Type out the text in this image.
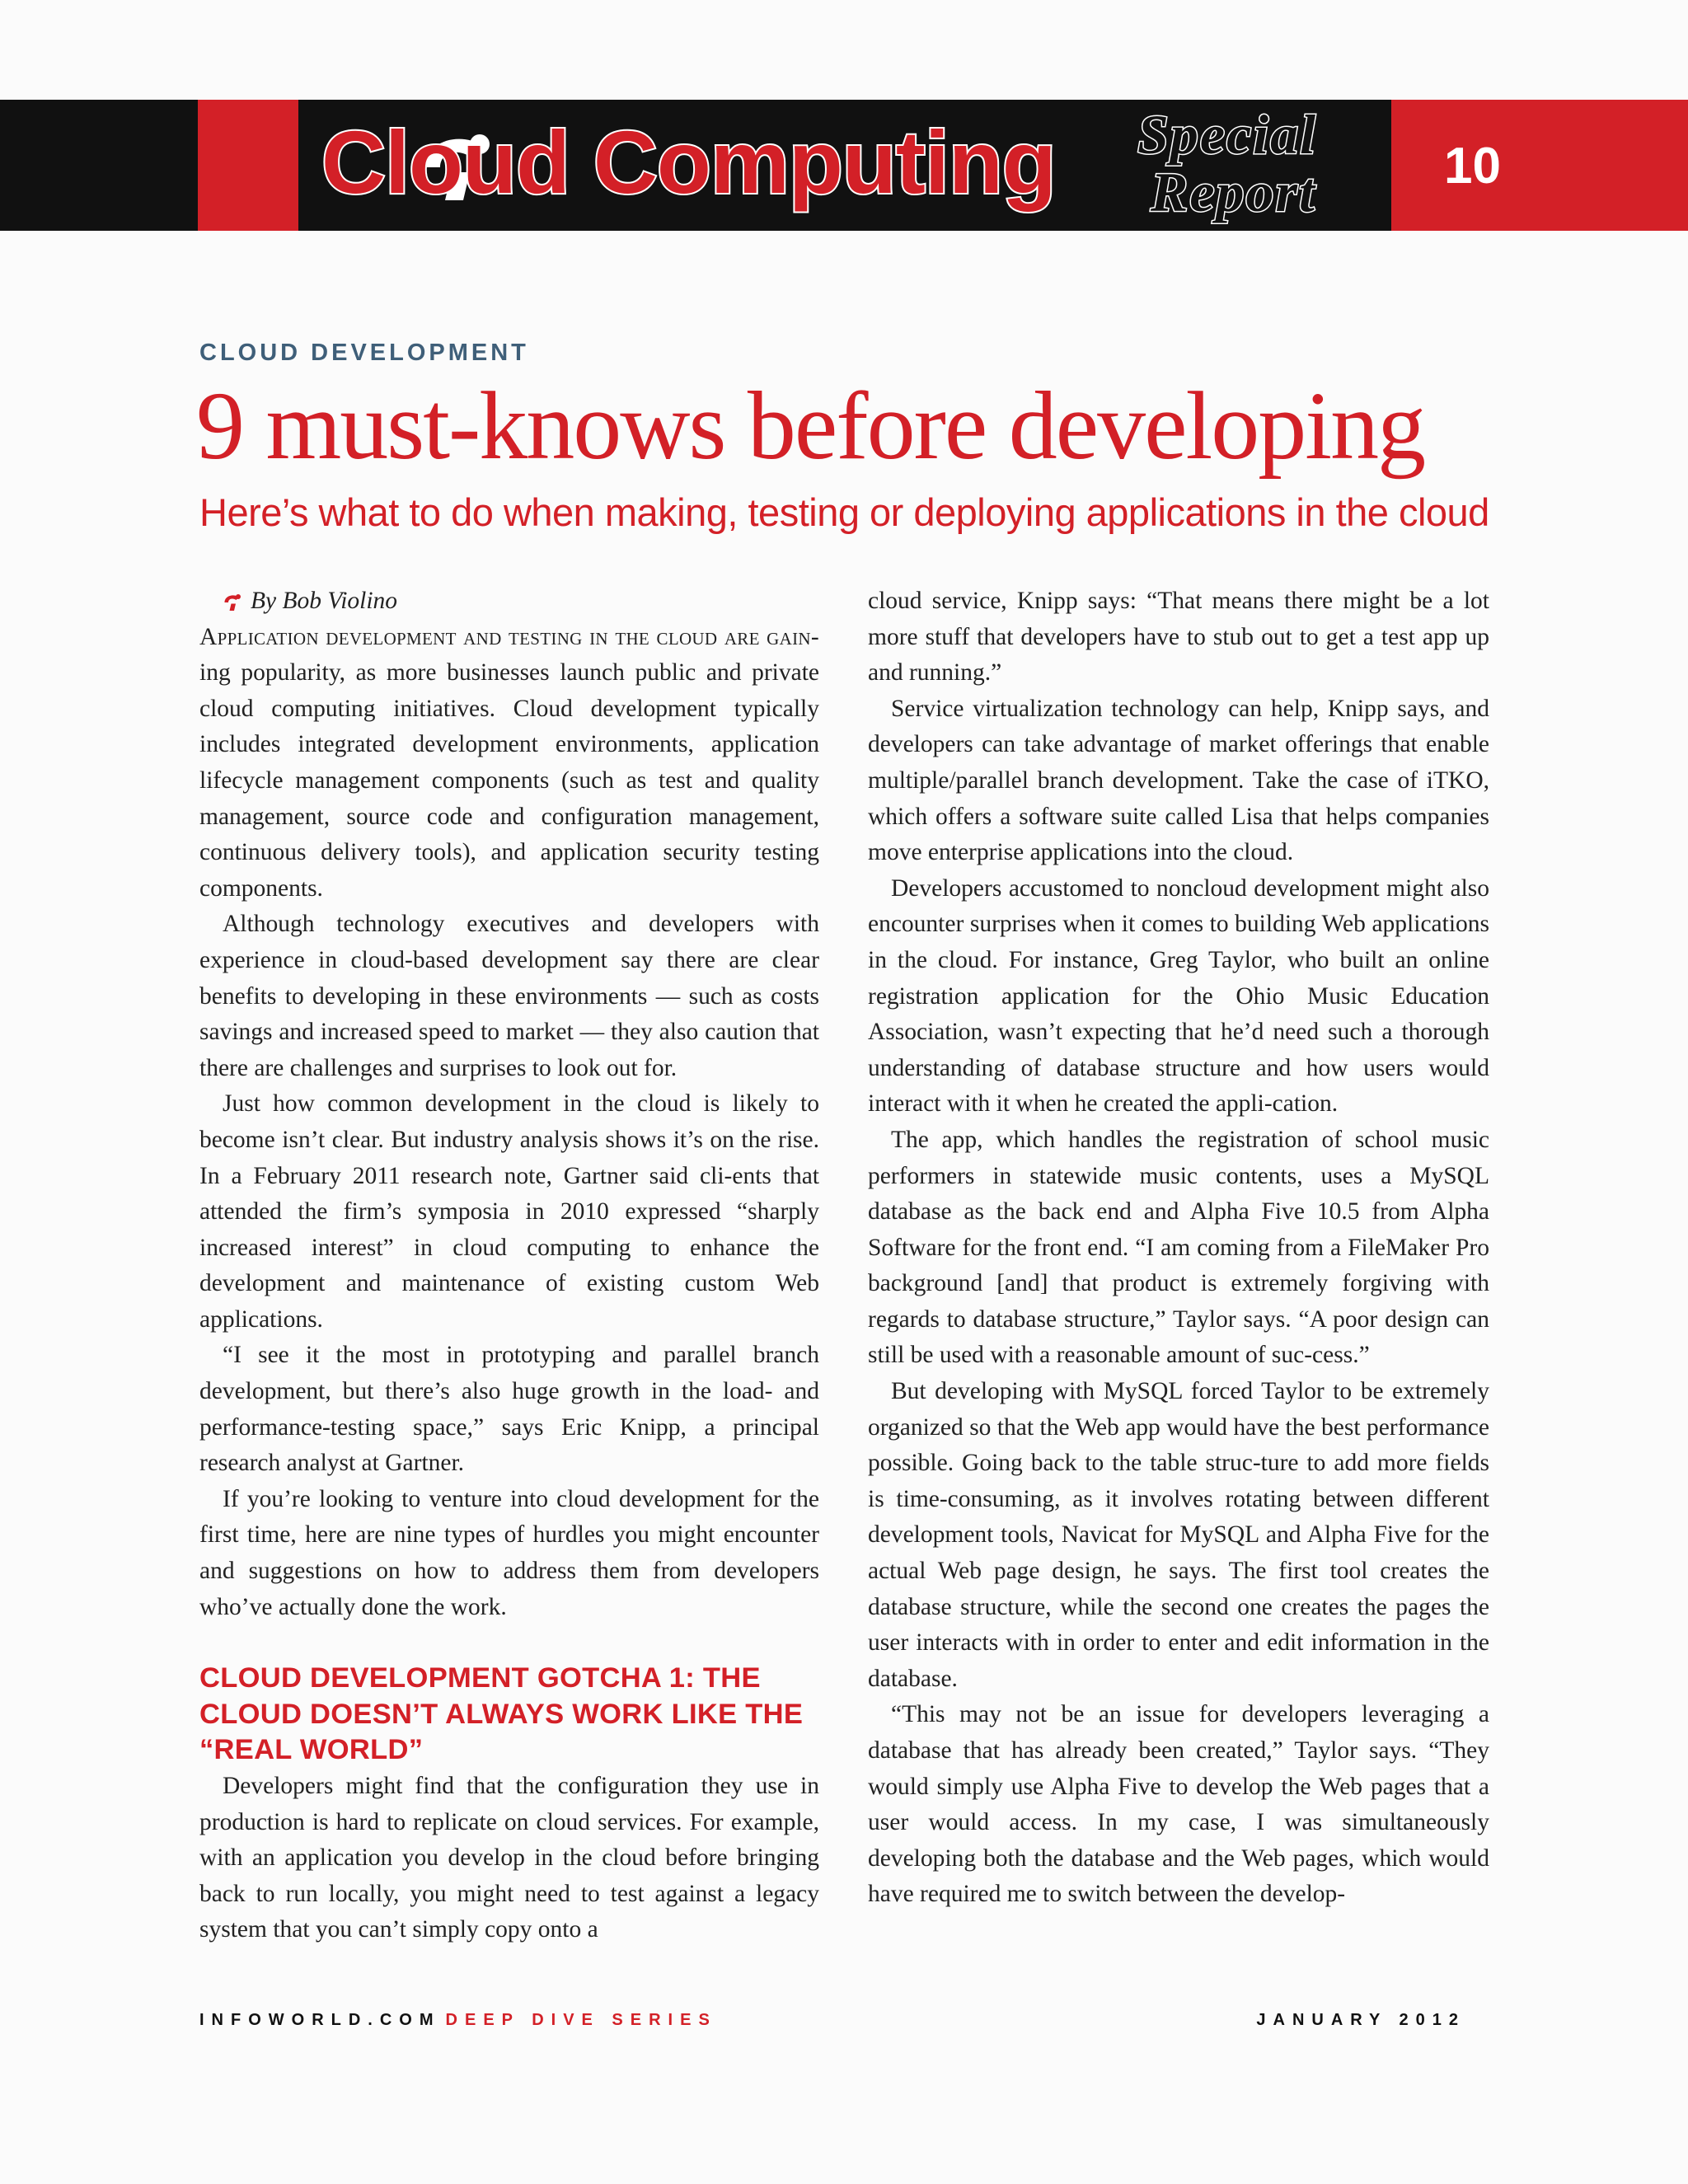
Cloud Computing Special
Report	10
CLOUD DEVELOPMENT
9 must-knows before developing
Here’s what to do when making, testing or deploying applications in the cloud
By Bob Violino

Application development and testing in the cloud are gain- ing popularity, as more businesses launch public and private cloud computing initiatives. Cloud development typically includes integrated development environments, application lifecycle management components (such as test and quality management, source code and configuration management, continuous delivery tools), and application security testing components.

Although technology executives and developers with experience in cloud-based development say there are clear benefits to developing in these environments — such as costs savings and increased speed to market — they also caution that there are challenges and surprises to look out for.

Just how common development in the cloud is likely to become isn’t clear. But industry analysis shows it’s on the rise. In a February 2011 research note, Gartner said cli-ents that attended the firm’s symposia in 2010 expressed “sharply increased interest” in cloud computing to enhance the development and maintenance of existing custom Web applications.

“I see it the most in prototyping and parallel branch development, but there’s also huge growth in the load- and performance-testing space,” says Eric Knipp, a principal research analyst at Gartner.

If you’re looking to venture into cloud development for the first time, here are nine types of hurdles you might encounter and suggestions on how to address them from developers who’ve actually done the work.

CLOUD DEVELOPMENT GOTCHA 1: THE CLOUD DOESN’T ALWAYS WORK LIKE THE “REAL WORLD”

Developers might find that the configuration they use in production is hard to replicate on cloud services. For example, with an application you develop in the cloud before bringing back to run locally, you might need to test against a legacy system that you can’t simply copy onto a

cloud service, Knipp says: “That means there might be a lot more stuff that developers have to stub out to get a test app up and running.”

Service virtualization technology can help, Knipp says, and developers can take advantage of market offerings that enable multiple/parallel branch development. Take the case of iTKO, which offers a software suite called Lisa that helps companies move enterprise applications into the cloud.

Developers accustomed to noncloud development might also encounter surprises when it comes to building Web applications in the cloud. For instance, Greg Taylor, who built an online registration application for the Ohio Music Education Association, wasn’t expecting that he’d need such a thorough understanding of database structure and how users would interact with it when he created the appli-cation.

The app, which handles the registration of school music performers in statewide music contents, uses a MySQL database as the back end and Alpha Five 10.5 from Alpha Software for the front end. “I am coming from a FileMaker Pro background [and] that product is extremely forgiving with regards to database structure,” Taylor says. “A poor design can still be used with a reasonable amount of suc-cess.”

But developing with MySQL forced Taylor to be extremely organized so that the Web app would have the best performance possible. Going back to the table struc-ture to add more fields is time-consuming, as it involves rotating between different development tools, Navicat for MySQL and Alpha Five for the actual Web page design, he says. The first tool creates the database structure, while the second one creates the pages the user interacts with in order to enter and edit information in the database.

“This may not be an issue for developers leveraging a database that has already been created,” Taylor says. “They would simply use Alpha Five to develop the Web pages that a user would access. In my case, I was simultaneously developing both the database and the Web pages, which would have required me to switch between the develop-

INFOWORLD.COM DEEP DIVE SERIES	JANUARY 2012
